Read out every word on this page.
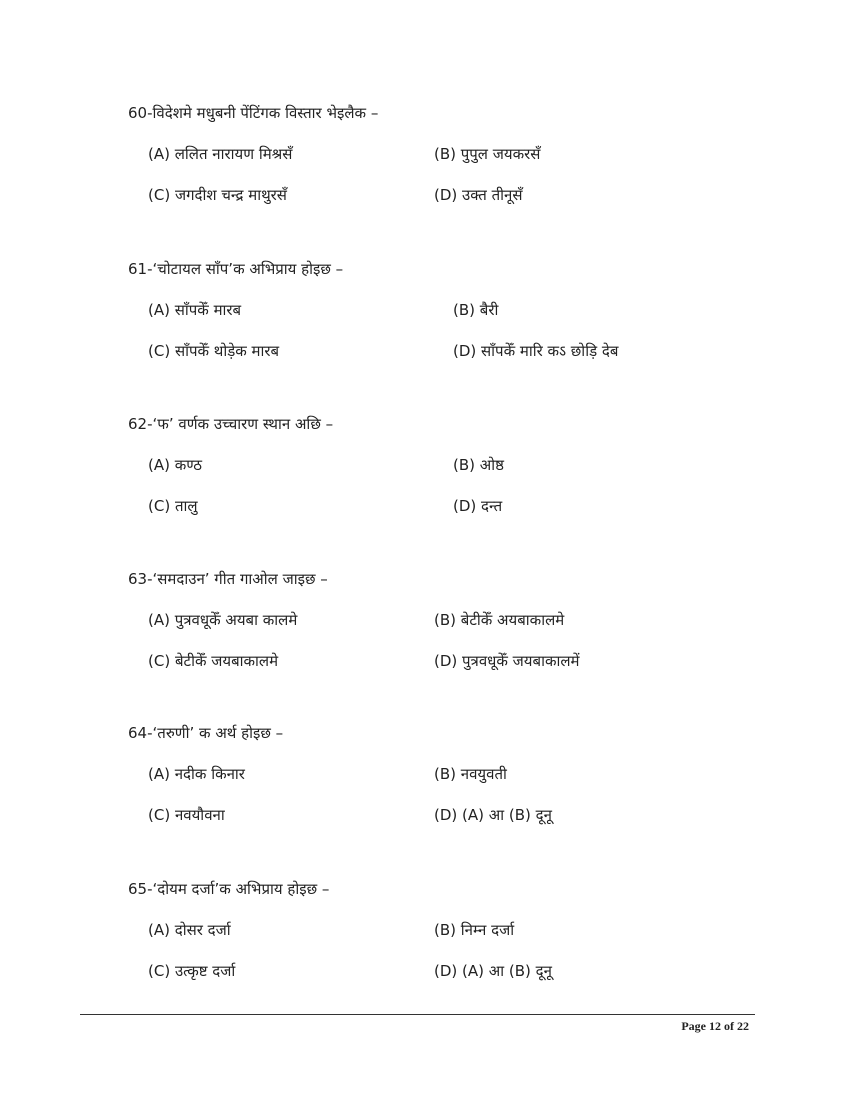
60-विदेशमे मधुबनी पेंटिंगक विस्तार भेइलैक –
(A) ललित नारायण मिश्रसँ	(B) पुपुल जयकरसँ
(C) जगदीश चन्द्र माथुरसँ	(D) उक्त तीनूसँ
61-‘चोटायल साँप’क अभिप्राय होइछ –
(A) साँपकेँ मारब	(B) बैरी
(C) साँपकेँ थोड़ेक मारब	(D) साँपकेँ मारि कऽ छोड़ि देब
62-‘फ’ वर्णक उच्चारण स्थान अछि –
(A) कण्ठ	(B) ओष्ठ
(C) तालु	(D) दन्त
63-‘समदाउन’ गीत गाओल जाइछ –
(A) पुत्रवधूकेँ अयबा कालमे	(B) बेटीकेँ अयबाकालमे
(C) बेटीकेँ जयबाकालमे	(D) पुत्रवधूकेँ जयबाकालमें
64-‘तरुणी’ क अर्थ होइछ –
(A) नदीक किनार	(B) नवयुवती
(C) नवयौवना	(D) (A) आ (B) दूनू
65-‘दोयम दर्जा’क अभिप्राय होइछ –
(A) दोसर दर्जा	(B) निम्न दर्जा
(C) उत्कृष्ट दर्जा	(D) (A) आ (B) दूनू
Page 12 of 22
